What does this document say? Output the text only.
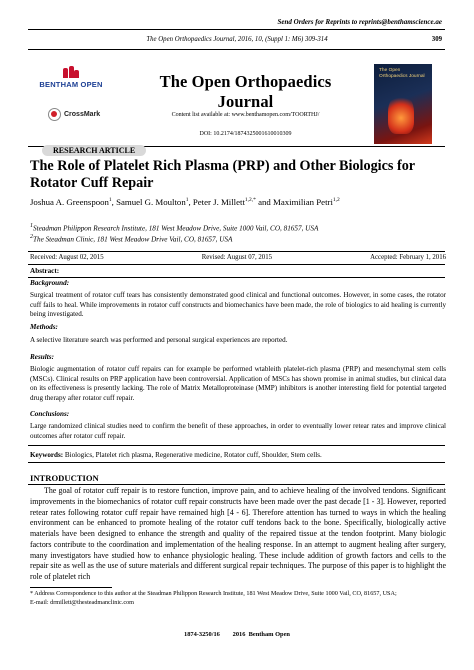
Send Orders for Reprints to reprints@benthamscience.ae
The Open Orthopaedics Journal, 2016, 10, (Suppl 1: M6) 309-314	309
BENTHAM OPEN
CrossMark
The Open Orthopaedics Journal
Content list available at: www.benthamopen.com/TOORTHJ/
DOI: 10.2174/1874325001610010309
The Open Orthopaedics Journal
RESEARCH ARTICLE
The Role of Platelet Rich Plasma (PRP) and Other Biologics for Rotator Cuff Repair
Joshua A. Greenspoon$^1$, Samuel G. Moulton$^1$, Peter J. Millett$^{1,2,*}$ and Maximilian Petri$^{1,2}$
$^1$Steadman Philippon Research Institute, 181 West Meadow Drive, Suite 1000 Vail, CO, 81657, USA
$^2$The Steadman Clinic, 181 West Meadow Drive Vail, CO, 81657, USA
Received: August 02, 2015	Revised: August 07, 2015	Accepted: February 1, 2016
Abstract:
Background:
Surgical treatment of rotator cuff tears has consistently demonstrated good clinical and functional outcomes. However, in some cases, the rotator cuff fails to heal. While improvements in rotator cuff constructs and biomechanics have been made, the role of biologics to aid healing is currently being investigated.
Methods:
A selective literature search was performed and personal surgical experiences are reported.
Results:
Biologic augmentation of rotator cuff repairs can for example be performed wtableith platelet-rich plasma (PRP) and mesenchymal stem cells (MSCs). Clinical results on PRP application have been controversial. Application of MSCs has shown promise in animal studies, but clinical data on its effectiveness is presently lacking. The role of Matrix Metalloproteinase (MMP) inhibitors is another interesting field for potential targeted drug therapy after rotator cuff repair.
Conclusions:
Large randomized clinical studies need to confirm the benefit of these approaches, in order to eventually lower retear rates and improve clinical outcomes after rotator cuff repair.
Keywords: Biologics, Platelet rich plasma, Regenerative medicine, Rotator cuff, Shoulder, Stem cells.
INTRODUCTION
The goal of rotator cuff repair is to restore function, improve pain, and to achieve healing of the involved tendons. Significant improvements in the biomechanics of rotator cuff repair constructs have been made over the past decade [1 - 3]. However, reported retear rates following rotator cuff repair have remained high [4 - 6]. Therefore attention has turned to ways in which the healing environment can be enhanced to promote healing of the rotator cuff tendons back to the bone. Specifically, biologically active materials have been designed to enhance the strength and quality of the repaired tissue at the tendon footprint. Many biologic factors contribute to the coordination and implementation of the healing response. In an attempt to augment healing after surgery, many investigators have studied how to enhance physiologic healing. These include addition of growth factors and cells to the repair site as well as the use of suture materials and different surgical repair techniques. The purpose of this paper is to highlight the role of platelet rich
* Address Correspondence to this author at the Steadman Philippon Research Institute, 181 West Meadow Drive, Suite 1000 Vail, CO, 81657, USA;
E-mail: drmillett@thesteadmanclinic.com
1874-3250/16        2016  Bentham Open
